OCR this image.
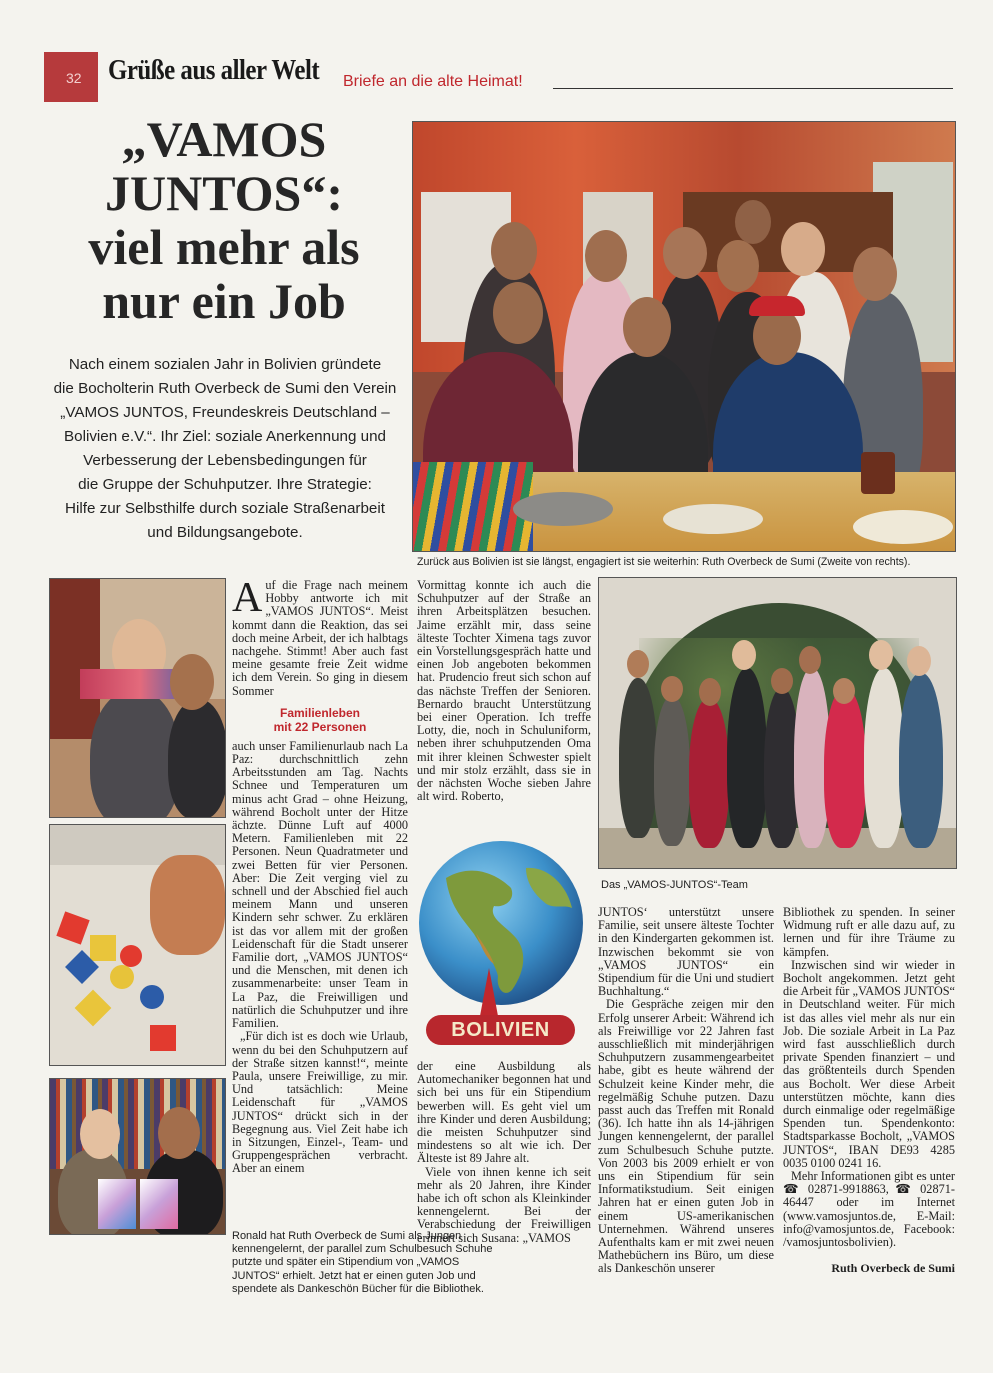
32 Grüße aus aller Welt Briefe an die alte Heimat!
„VAMOS
JUNTOS“:
viel mehr als
nur ein Job
Nach einem sozialen Jahr in Bolivien gründete
die Bocholterin Ruth Overbeck de Sumi den Verein
„VAMOS JUNTOS, Freundeskreis Deutschland –
Bolivien e.V.“. Ihr Ziel: soziale Anerkennung und
Verbesserung der Lebensbedingungen für
die Gruppe der Schuhputzer. Ihre Strategie:
Hilfe zur Selbsthilfe durch soziale Straßenarbeit
und Bildungsangebote.
Zurück aus Bolivien ist sie längst, engagiert ist sie weiterhin: Ruth Overbeck de Sumi (Zweite von rechts).
Ronald hat Ruth Overbeck de Sumi als Jungen kennengelernt, der parallel zum Schulbesuch Schuhe putzte und später ein Stipendium von „VAMOS JUNTOS“ erhielt. Jetzt hat er einen guten Job und spendete als Dankeschön Bücher für die Bibliothek.
Das „VAMOS-JUNTOS“-Team
BOLIVIEN

Auf die Frage nach meinem Hobby antworte ich mit „VAMOS JUNTOS“. Meist kommt dann die Reaktion, das sei doch meine Arbeit, der ich halbtags nachgehe. Stimmt! Aber auch fast meine gesamte freie Zeit widme ich dem Verein. So ging in diesem Sommer

Familienleben
mit 22 Personen

auch unser Familienurlaub nach La Paz: durchschnittlich zehn Arbeitsstunden am Tag. Nachts Schnee und Temperaturen um minus acht Grad – ohne Heizung, während Bocholt unter der Hitze ächzte. Dünne Luft auf 4000 Metern. Familienleben mit 22 Personen. Neun Quadratmeter und zwei Betten für vier Personen. Aber: Die Zeit verging viel zu schnell und der Abschied fiel auch meinem Mann und unseren Kindern sehr schwer. Zu erklären ist das vor allem mit der großen Leidenschaft für die Stadt unserer Familie dort, „VAMOS JUNTOS“ und die Menschen, mit denen ich zusammenarbeite: unser Team in La Paz, die Freiwilligen und natürlich die Schuhputzer und ihre Familien.

„Für dich ist es doch wie Urlaub, wenn du bei den Schuhputzern auf der Straße sitzen kannst!“, meinte Paula, unsere Freiwillige, zu mir. Und tatsächlich: Meine Leidenschaft für „VAMOS JUNTOS“ drückt sich in der Begegnung aus. Viel Zeit habe ich in Sitzungen, Einzel-, Team- und Gruppengesprächen verbracht. Aber an einem

Vormittag konnte ich auch die Schuhputzer auf der Straße an ihren Arbeitsplätzen besuchen. Jaime erzählt mir, dass seine älteste Tochter Ximena tags zuvor ein Vorstellungsgespräch hatte und einen Job angeboten bekommen hat. Prudencio freut sich schon auf das nächste Treffen der Senioren. Bernardo braucht Unterstützung bei einer Operation. Ich treffe Lotty, die, noch in Schuluniform, neben ihrer schuhputzenden Oma mit ihrer kleinen Schwester spielt und mir stolz erzählt, dass sie in der nächsten Woche sieben Jahre alt wird. Roberto,

der eine Ausbildung als Automechaniker begonnen hat und sich bei uns für ein Stipendium bewerben will. Es geht viel um ihre Kinder und deren Ausbildung; die meisten Schuhputzer sind mindestens so alt wie ich. Der Älteste ist 89 Jahre alt.

Viele von ihnen kenne ich seit mehr als 20 Jahren, ihre Kinder habe ich oft schon als Kleinkinder kennengelernt. Bei der Verabschiedung der Freiwilligen erinnert sich Susana: „VAMOS

JUNTOS‘ unterstützt unsere Familie, seit unsere älteste Tochter in den Kindergarten gekommen ist. Inzwischen bekommt sie von „VAMOS JUNTOS“ ein Stipendium für die Uni und studiert Buchhaltung.“

Die Gespräche zeigen mir den Erfolg unserer Arbeit: Während ich als Freiwillige vor 22 Jahren fast ausschließlich mit minderjährigen Schuhputzern zusammengearbeitet habe, gibt es heute während der Schulzeit keine Kinder mehr, die regelmäßig Schuhe putzen. Dazu passt auch das Treffen mit Ronald (36). Ich hatte ihn als 14-jährigen Jungen kennengelernt, der parallel zum Schulbesuch Schuhe putzte. Von 2003 bis 2009 erhielt er von uns ein Stipendium für sein Informatikstudium. Seit einigen Jahren hat er einen guten Job in einem US-amerikanischen Unternehmen. Während unseres Aufenthalts kam er mit zwei neuen Mathebüchern ins Büro, um diese als Dankeschön unserer

Bibliothek zu spenden. In seiner Widmung ruft er alle dazu auf, zu lernen und für ihre Träume zu kämpfen.

Inzwischen sind wir wieder in Bocholt angekommen. Jetzt geht die Arbeit für „VAMOS JUNTOS“ in Deutschland weiter. Für mich ist das alles viel mehr als nur ein Job. Die soziale Arbeit in La Paz wird fast ausschließlich durch private Spenden finanziert – und das größtenteils durch Spenden aus Bocholt. Wer diese Arbeit unterstützen möchte, kann dies durch einmalige oder regelmäßige Spenden tun. Spendenkonto: Stadtsparkasse Bocholt, „VAMOS JUNTOS“, IBAN DE93 4285 0035 0100 0241 16.

Mehr Informationen gibt es unter ☎ 02871-9918863, ☎ 02871-46447 oder im Internet (www.vamosjuntos.de, E-Mail: info@vamosjuntos.de, Facebook: /vamosjuntosbolivien).

Ruth Overbeck de Sumi
